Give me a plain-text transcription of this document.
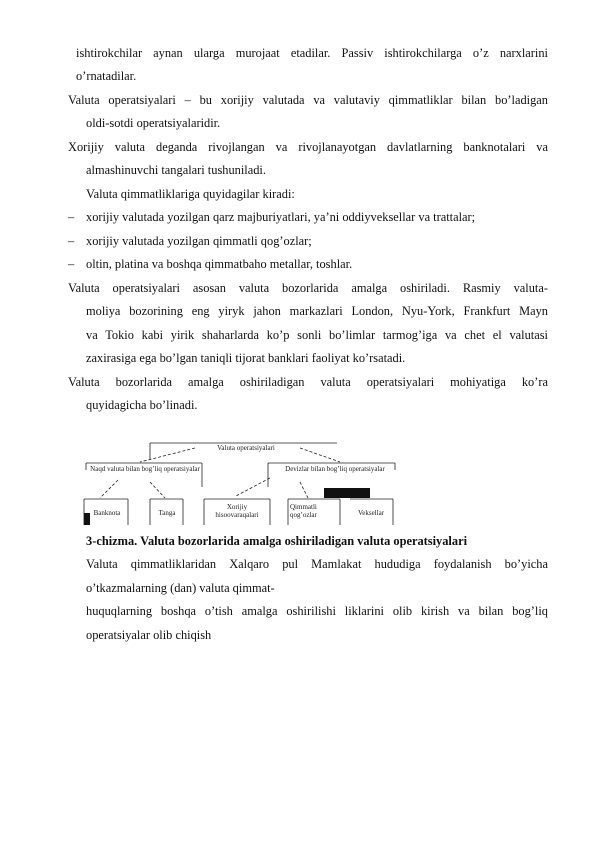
ishtirokchilar aynan ularga murojaat etadilar. Passiv ishtirokchilarga o’z narxlarini
o’rnatadilar.
Valuta operatsiyalari – bu xorijiy valutada va valutaviy qimmatliklar bilan bo’ladigan
oldi-sotdi operatsiyalaridir.
Xorijiy valuta deganda rivojlangan va rivojlanayotgan davlatlarning banknotalari va
almashinuvchi tangalari tushuniladi.
Valuta qimmatliklariga quyidagilar kiradi:
– xorijiy valutada yozilgan qarz majburiyatlari, ya’ni oddiyveksellar va trattalar;
– xorijiy valutada yozilgan qimmatli qog’ozlar;
– oltin, platina va boshqa qimmatbaho metallar, toshlar.
Valuta operatsiyalari asosan valuta bozorlarida amalga oshiriladi. Rasmiy valuta-
moliya bozorining eng yiryk jahon markazlari London, Nyu-York, Frankfurt Mayn
va Tokio kabi yirik shaharlarda ko’p sonli bo’limlar tarmog’iga va chet el valutasi
zaxirasiga ega bo’lgan taniqli tijorat banklari faoliyat ko’rsatadi.
Valuta bozorlarida amalga oshiriladigan valuta operatsiyalari mohiyatiga ko’ra
quyidagicha bo’linadi.
Valuta operatsiyalari
Naqd valuta bilan bog’liq operatsiyalar	Devizlar bilan bog’liq operatsiyalar
Banknota	Tanga
Xorijiy hisoovaraqalari
Qimmatli qog’ozlar	Veksellar
3-chizma. Valuta bozorlarida amalga oshiriladigan valuta operatsiyalari
Valuta qimmatliklaridan Xalqaro pul Mamlakat hududiga foydalanish bo’yicha
o’tkazmalarning (dan) valuta qimmat-
huquqlarning boshqa o’tish amalga oshirilishi liklarini olib kirish va bilan bog’liq
operatsiyalar olib chiqish
